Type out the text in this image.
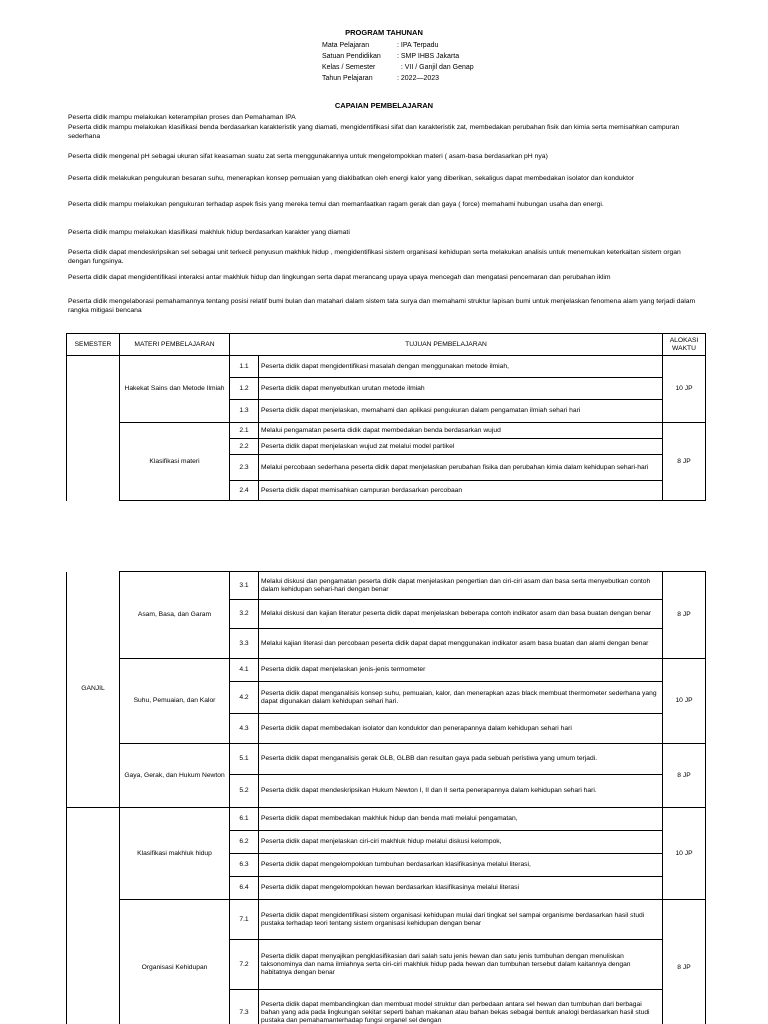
PROGRAM TAHUNAN
Mata Pelajaran	: IPA Terpadu
Satuan Pendidikan : SMP IHBS Jakarta
Kelas / Semester	: VII / Ganjil dan Genap
Tahun Pelajaran	: 2022—2023
CAPAIAN PEMBELAJARAN
Peserta didik mampu melakukan keterampilan proses dan Pemahaman IPA
Peserta didik mampu melakukan klasifikasi benda berdasarkan karakteristik yang diamati, mengidentifikasi sifat dan karakteristik zat, membedakan perubahan fisik dan kimia serta memisahkan campuran sederhana
Peserta didik mengenal pH sebagai ukuran sifat keasaman suatu zat serta menggunakannya untuk mengelompokkan materi ( asam-basa berdasarkan pH nya)
Peserta didik melakukan pengukuran besaran suhu, menerapkan konsep pemuaian yang diakibatkan oleh energi kalor yang diberikan, sekaligus dapat membedakan isolator dan konduktor
Peserta didik mampu melakukan pengukuran terhadap aspek fisis yang mereka temui dan memanfaatkan ragam gerak dan gaya ( force) memahami hubungan usaha dan energi.
Peserta didik mampu melakukan klasifikasi makhluk hidup berdasarkan karakter yang diamati
Peserta didik dapat mendeskripsikan sel sebagai unit terkecil penyusun makhluk hidup , mengidentifikasi sistem organisasi kehidupan serta melakukan analisis untuk menemukan keterkaitan sistem organ dengan fungsinya.
Peserta didik dapat mengidentifikasi interaksi antar makhluk hidup dan lingkungan serta dapat merancang upaya upaya mencegah dan mengatasi pencemaran dan perubahan iklim
Peserta didik mengelaborasi pemahamannya tentang posisi relatif bumi bulan dan matahari dalam sistem tata surya dan memahami struktur lapisan bumi untuk menjelaskan fenomena alam yang terjadi dalam rangka mitigasi bencana
SEMESTER	MATERI PEMBELAJARAN	TUJUAN PEMBELAJARAN		ALOKASI WAKTU
	Hakekat Sains dan Metode Ilmiah	1.1	Peserta didik dapat mengidentifikasi masalah dengan menggunakan metode ilmiah,	10 JP
		1.2	Peserta didik dapat menyebutkan urutan metode ilmiah	
		1.3	Peserta didik dapat menjelaskan, memahami dan aplikasi pengukuran dalam pengamatan ilmiah sehari hari	
	Klasifikasi materi	2.1	Melalui pengamatan peserta didik dapat membedakan benda berdasarkan wujud	8 JP
		2.2	Peserta didik dapat menjelaskan wujud zat melalui model partikel	
		2.3	Melalui percobaan sederhana peserta didik dapat menjelaskan perubahan fisika dan perubahan kimia dalam kehidupan sehari-hari	
		2.4	Peserta didik dapat memisahkan campuran berdasarkan percobaan	
GANJIL	Asam, Basa, dan Garam	3.1	Melalui diskusi dan pengamatan peserta didik dapat menjelaskan pengertian dan ciri-ciri asam dan basa serta menyebutkan contoh dalam kehidupan sehari-hari dengan benar	8 JP
		3.2	Melalui diskusi dan kajian literatur peserta didik dapat menjelaskan beberapa contoh indikator asam dan basa buatan dengan benar	
		3.3	Melalui kajian literasi dan percobaan peserta didik dapat dapat menggunakan indikator asam basa buatan dan alami dengan benar	
	Suhu, Pemuaian, dan Kalor	4.1	Peserta didik dapat menjelaskan jenis-jenis termometer	10 JP
		4.2	Peserta didik dapat menganalisis konsep suhu, pemuaian, kalor, dan menerapkan azas black membuat thermometer sederhana yang dapat digunakan dalam kehidupan sehari hari.	
		4.3	Peserta didik dapat membedakan isolator dan konduktor dan penerapannya dalam kehidupan sehari hari	
	Gaya, Gerak, dan Hukum Newton	5.1	Peserta didik dapat menganalisis gerak GLB, GLBB dan resultan gaya pada sebuah peristiwa yang umum terjadi.	8 JP
		5.2	Peserta didik dapat mendeskripsikan Hukum Newton I, II dan II serta penerapannya dalam kehidupan sehari hari.	
	Klasifikasi makhluk hidup	6.1	Peserta didik dapat membedakan makhluk hidup dan benda mati melalui pengamatan,	10 JP
		6.2	Peserta didik dapat menjelaskan ciri-ciri makhluk hidup melalui diskusi kelompok,	
		6.3	Peserta didik dapat mengelompokkan tumbuhan berdasarkan klasifikasinya melalui literasi,	
		6.4	Peserta didik dapat mengelompokkan hewan berdasarkan klasifikasinya melalui literasi	
	Organisasi Kehidupan	7.1	Peserta didik dapat mengidentifikasi sistem organisasi kehidupan mulai dari tingkat sel sampai organisme berdasarkan hasil studi pustaka terhadap teori tentang sistem organisasi kehidupan dengan benar	8 JP
		7.2	Peserta didik dapat menyajikan pengklasifikasian dari salah satu jenis hewan dan satu jenis tumbuhan dengan menuliskan taksonominya dan nama ilmiahnya serta ciri-ciri makhluk hidup pada hewan dan tumbuhan tersebut dalam kaitannya dengan habitatnya dengan benar	
		7.3	Peserta didik dapat membandingkan dan membuat model struktur dan perbedaan antara sel hewan dan tumbuhan dari berbagai bahan yang ada pada lingkungan sekitar seperti bahan makanan atau bahan bekas sebagai bentuk analogi berdasarkan hasil studi pustaka dan pemahamanterhadap fungsi organel sel dengan	
